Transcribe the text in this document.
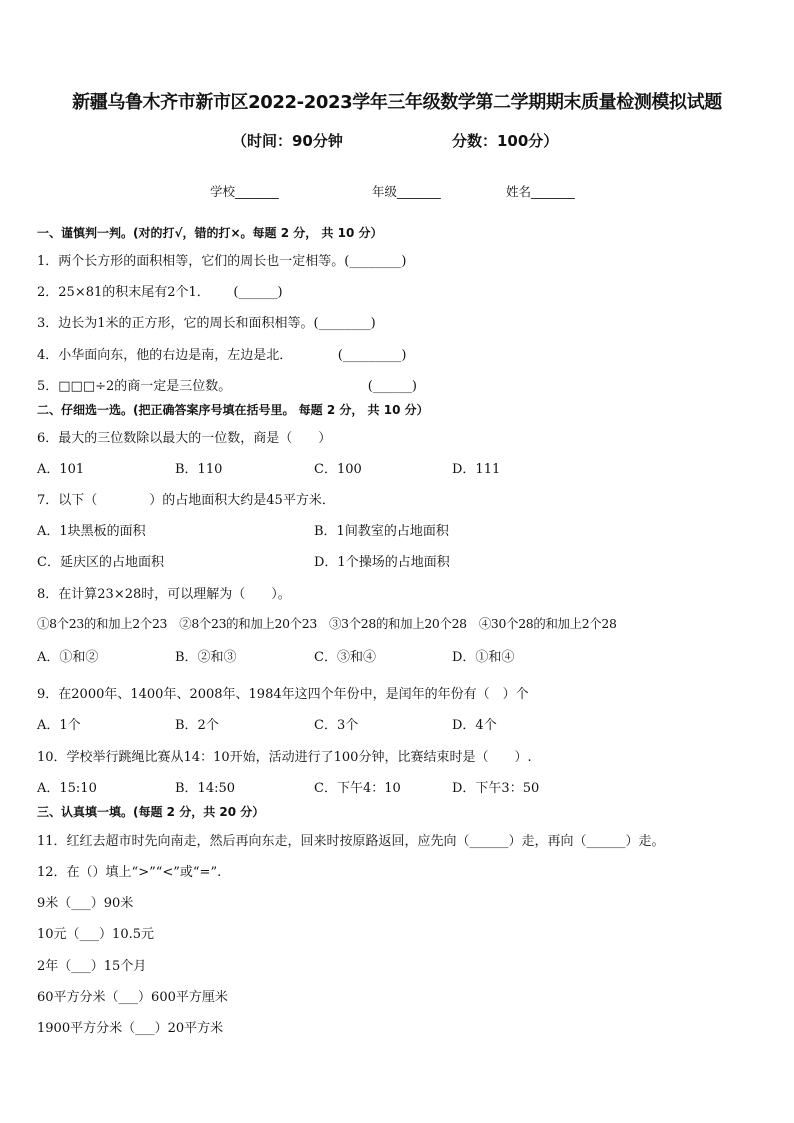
新疆乌鲁木齐市新市区2022-2023学年三年级数学第二学期期末质量检测模拟试题
（时间：90分钟	分数：100分）
学校_______	年级_______	姓名_______
一、谨慎判一判。(对的打√，错的打×。每题 2 分， 共 10 分）
1．两个长方形的面积相等，它们的周长也一定相等。(________)
2．25×81的积末尾有2个1．　　 (______)
3．边长为1米的正方形，它的周长和面积相等。(________)
4．小华面向东，他的右边是南，左边是北．　　　　(_________)
5．□□□÷2的商一定是三位数。　　　　　　　　　　　(______)
二、仔细选一选。(把正确答案序号填在括号里。 每题 2 分， 共 10 分）
6．最大的三位数除以最大的一位数，商是（　　）
A．101	B．110	C．100	D．111
7．以下（　　　　）的占地面积大约是45平方米．
A．1块黑板的面积	B．1间教室的占地面积
C．延庆区的占地面积	D．1个操场的占地面积
8．在计算23×28时，可以理解为（　　）。
①8个23的和加上2个23　②8个23的和加上20个23　③3个28的和加上20个28　④30个28的和加上2个28
A．①和②	B．②和③	C．③和④	D．①和④
9．在2000年、1400年、2008年、1984年这四个年份中，是闰年的年份有（　）个
A．1个	B．2个	C．3个	D．4个
10．学校举行跳绳比赛从14：10开始，活动进行了100分钟，比赛结束时是（　　）.
A．15:10	B．14:50	C．下午4：10	D．下午3：50
三、认真填一填。(每题 2 分，共 20 分）
11．红红去超市时先向南走，然后再向东走，回来时按原路返回，应先向（______）走，再向（______）走。
12．在（）填上“>”“<”或“=”.
9米（___）90米
10元（___）10.5元
2年（___）15个月
60平方分米（___）600平方厘米
1900平方分米（___）20平方米
